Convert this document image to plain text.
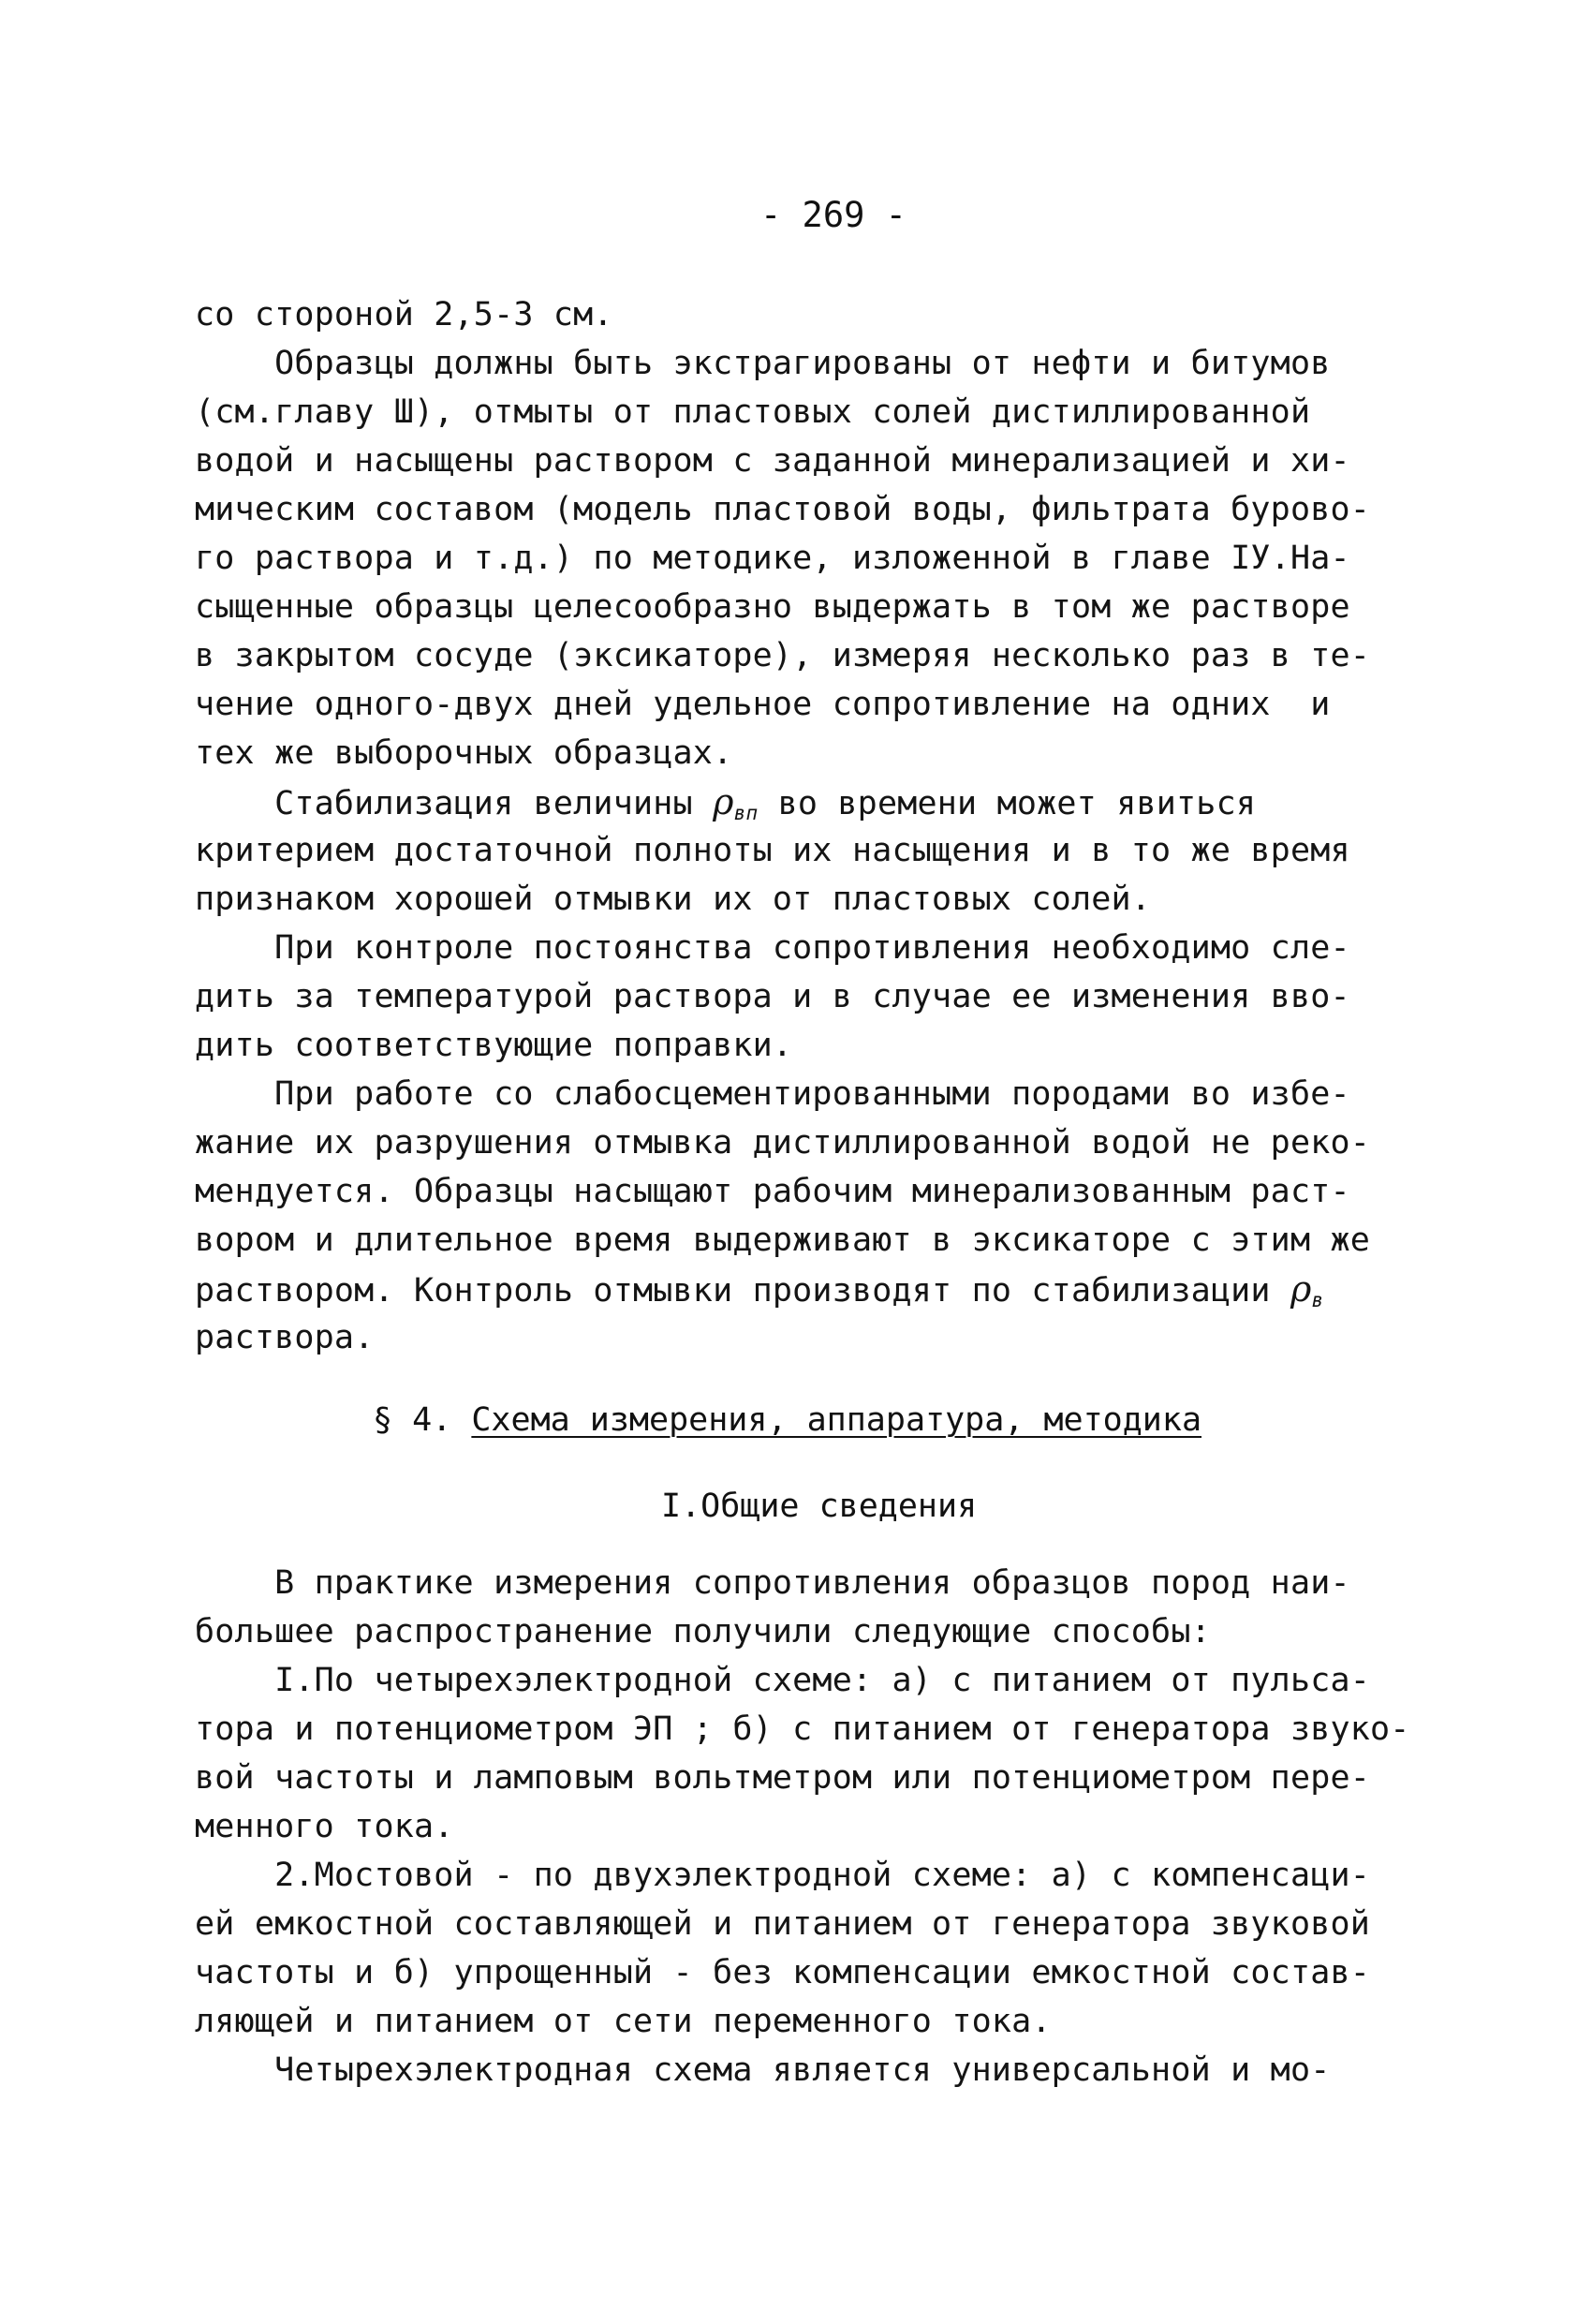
- 269 -
со стороной 2,5-3 см.
Образцы должны быть экстрагированы от нефти и битумов
(см.главу Ш), отмыты от пластовых солей дистиллированной
водой и насыщены раствором с заданной минерализацией и хи-
мическим составом (модель пластовой воды, фильтрата бурово-
го раствора и т.д.) по методике, изложенной в главе IУ.На-
сыщенные образцы целесообразно выдержать в том же растворе
в закрытом сосуде (эксикаторе), измеряя несколько раз в те-
чение одного-двух дней удельное сопротивление на одних  и
тех же выборочных образцах.
Стабилизация величины $\rho_{вп}$ во времени может явиться
критерием достаточной полноты их насыщения и в то же время
признаком хорошей отмывки их от пластовых солей.
При контроле постоянства сопротивления необходимо сле-
дить за температурой раствора и в случае ее изменения вво-
дить соответствующие поправки.
При работе со слабосцементированными породами во избе-
жание их разрушения отмывка дистиллированной водой не реко-
мендуется. Образцы насыщают рабочим минерализованным раст-
вором и длительное время выдерживают в эксикаторе с этим же
раствором. Контроль отмывки производят по стабилизации $\rho_в$
раствора.
§ 4. Схема измерения, аппаратура, методика
I.Общие сведения
В практике измерения сопротивления образцов пород наи-
большее распространение получили следующие способы:
I.По четырехэлектродной схеме: а) с питанием от пульса-
тора и потенциометром ЭП ; б) с питанием от генератора звуко-
вой частоты и ламповым вольтметром или потенциометром пере-
менного тока.
2.Мостовой - по двухэлектродной схеме: а) с компенсаци-
ей емкостной составляющей и питанием от генератора звуковой
частоты и б) упрощенный - без компенсации емкостной состав-
ляющей и питанием от сети переменного тока.
Четырехэлектродная схема является универсальной и мо-
